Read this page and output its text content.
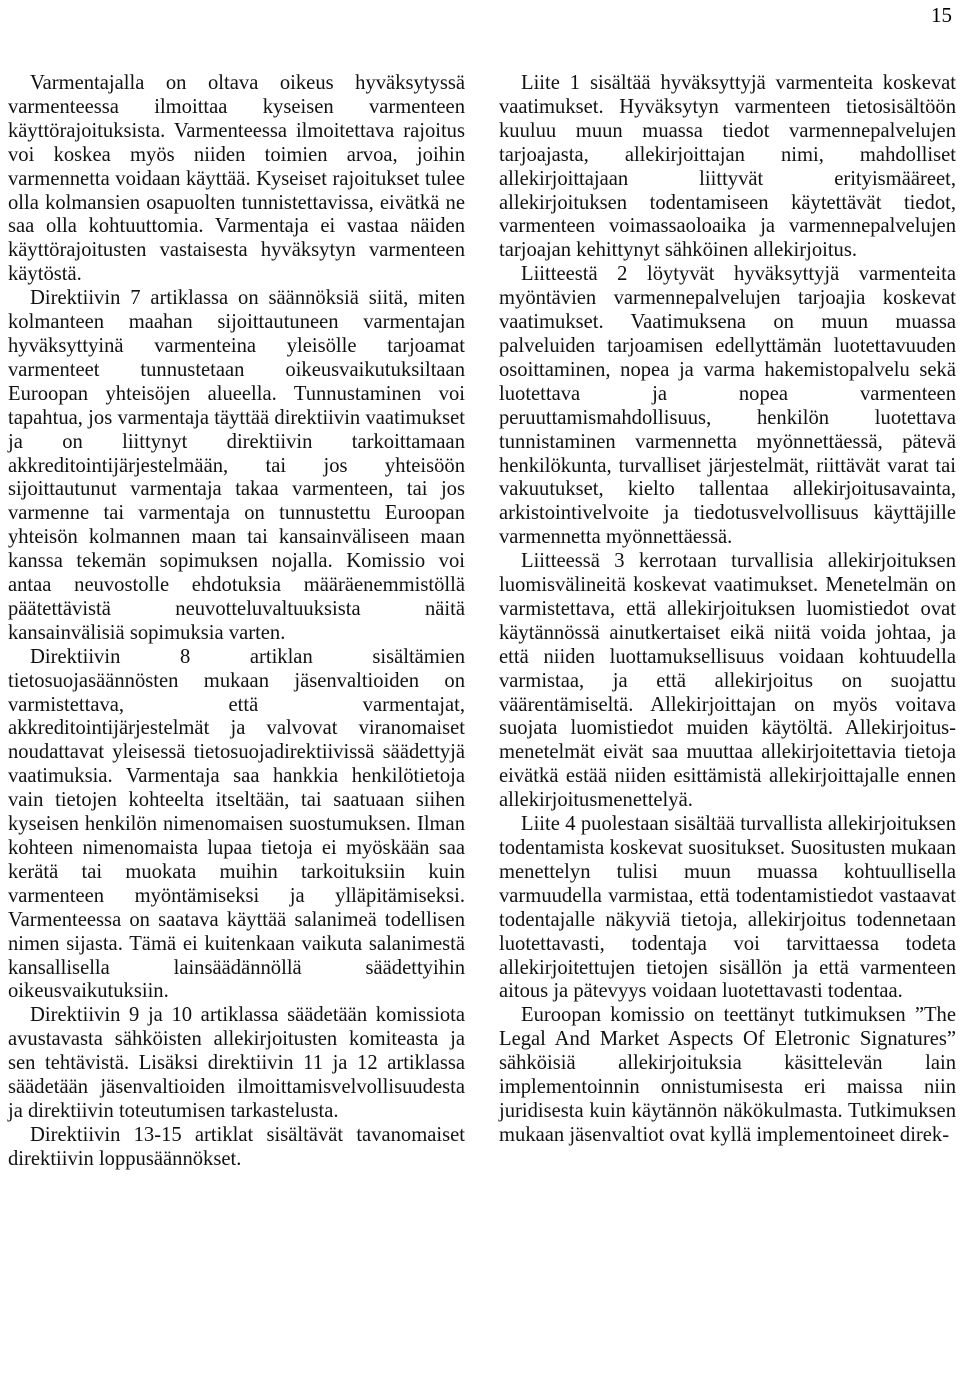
15

Varmentajalla on oltava oikeus hyväksytyssä varmenteessa ilmoittaa kyseisen varmenteen käyttörajoituksista. Varmenteessa ilmoitettava rajoitus voi koskea myös niiden toimien arvoa, joihin varmennetta voidaan käyttää. Kyseiset rajoitukset tulee olla kolmansien osapuolten tunnistettavissa, eivätkä ne saa olla kohtuuttomia. Varmentaja ei vastaa näiden käyttörajoitusten vastaisesta hyväksytyn varmenteen käytöstä.

Direktiivin 7 artiklassa on säännöksiä siitä, miten kolmanteen maahan sijoittautuneen varmentajan hyväksyttyinä varmenteina yleisölle tarjoamat varmenteet tunnustetaan oikeusvaikutuksiltaan Euroopan yhteisöjen alueella. Tunnustaminen voi tapahtua, jos varmentaja täyttää direktiivin vaatimukset ja on liittynyt direktiivin tarkoittamaan akkreditointijärjestelmään, tai jos yhteisöön sijoittautunut varmentaja takaa varmenteen, tai jos varmenne tai varmentaja on tunnustettu Euroopan yhteisön kolmannen maan tai kansainväliseen maan kanssa tekemän sopimuksen nojalla. Komissio voi antaa neuvostolle ehdotuksia määräenemmistöllä päätettävistä neuvotteluvaltuuksista näitä kansainvälisiä sopimuksia varten.

Direktiivin 8 artiklan sisältämien tietosuojasäännösten mukaan jäsenvaltioiden on varmistettava, että varmentajat, akkreditointijärjestelmät ja valvovat viranomaiset noudattavat yleisessä tietosuojadirektiivissä säädettyjä vaatimuksia. Varmentaja saa hankkia henkilötietoja vain tietojen kohteelta itseltään, tai saatuaan siihen kyseisen henkilön nimenomaisen suostumuksen. Ilman kohteen nimenomaista lupaa tietoja ei myöskään saa kerätä tai muokata muihin tarkoituksiin kuin varmenteen myöntämiseksi ja ylläpitämiseksi. Varmenteessa on saatava käyttää salanimeä todellisen nimen sijasta. Tämä ei kuitenkaan vaikuta salanimestä kansallisella lainsäädännöllä säädettyihin oikeusvaikutuksiin.

Direktiivin 9 ja 10 artiklassa säädetään komissiota avustavasta sähköisten allekirjoitusten komiteasta ja sen tehtävistä. Lisäksi direktiivin 11 ja 12 artiklassa säädetään jäsenvaltioiden ilmoittamisvelvollisuudesta ja direktiivin toteutumisen tarkastelusta.

Direktiivin 13-15 artiklat sisältävät tavanomaiset direktiivin loppusäännökset.

Liite 1 sisältää hyväksyttyjä varmenteita koskevat vaatimukset. Hyväksytyn varmenteen tietosisältöön kuuluu muun muassa tiedot varmennepalvelujen tarjoajasta, allekirjoittajan nimi, mahdolliset allekirjoittajaan liittyvät erityismääreet, allekirjoituksen todentamiseen käytettävät tiedot, varmenteen voimassaoloaika ja varmennepalvelujen tarjoajan kehittynyt sähköinen allekirjoitus.

Liitteestä 2 löytyvät hyväksyttyjä varmenteita myöntävien varmennepalvelujen tarjoajia koskevat vaatimukset. Vaatimuksena on muun muassa palveluiden tarjoamisen edellyttämän luotettavuuden osoittaminen, nopea ja varma hakemistopalvelu sekä luotettava ja nopea varmenteen peruuttamismahdollisuus, henkilön luotettava tunnistaminen varmennetta myönnettäessä, pätevä henkilökunta, turvalliset järjestelmät, riittävät varat tai vakuutukset, kielto tallentaa allekirjoitusavainta, arkistointivelvoite ja tiedotusvelvollisuus käyttäjille varmennetta myönnettäessä.

Liitteessä 3 kerrotaan turvallisia allekirjoituksen luomisvälineitä koskevat vaatimukset. Menetelmän on varmistettava, että allekirjoituksen luomistiedot ovat käytännössä ainutkertaiset eikä niitä voida johtaa, ja että niiden luottamuksellisuus voidaan kohtuudella varmistaa, ja että allekirjoitus on suojattu väärentämiseltä. Allekirjoittajan on myös voitava suojata luomistiedot muiden käytöltä. Allekirjoitus-menetelmät eivät saa muuttaa allekirjoitettavia tietoja eivätkä estää niiden esittämistä allekirjoittajalle ennen allekirjoitusmenettelyä.

Liite 4 puolestaan sisältää turvallista allekirjoituksen todentamista koskevat suositukset. Suositusten mukaan menettelyn tulisi muun muassa kohtuullisella varmuudella varmistaa, että todentamistiedot vastaavat todentajalle näkyviä tietoja, allekirjoitus todennetaan luotettavasti, todentaja voi tarvittaessa todeta allekirjoitettujen tietojen sisällön ja että varmenteen aitous ja pätevyys voidaan luotettavasti todentaa.

Euroopan komissio on teettänyt tutkimuksen ”The Legal And Market Aspects Of Eletronic Signatures” sähköisiä allekirjoituksia käsittelevän lain implementoinnin onnistumisesta eri maissa niin juridisesta kuin käytännön näkökulmasta. Tutkimuksen mukaan jäsenvaltiot ovat kyllä implementoineet direk-
